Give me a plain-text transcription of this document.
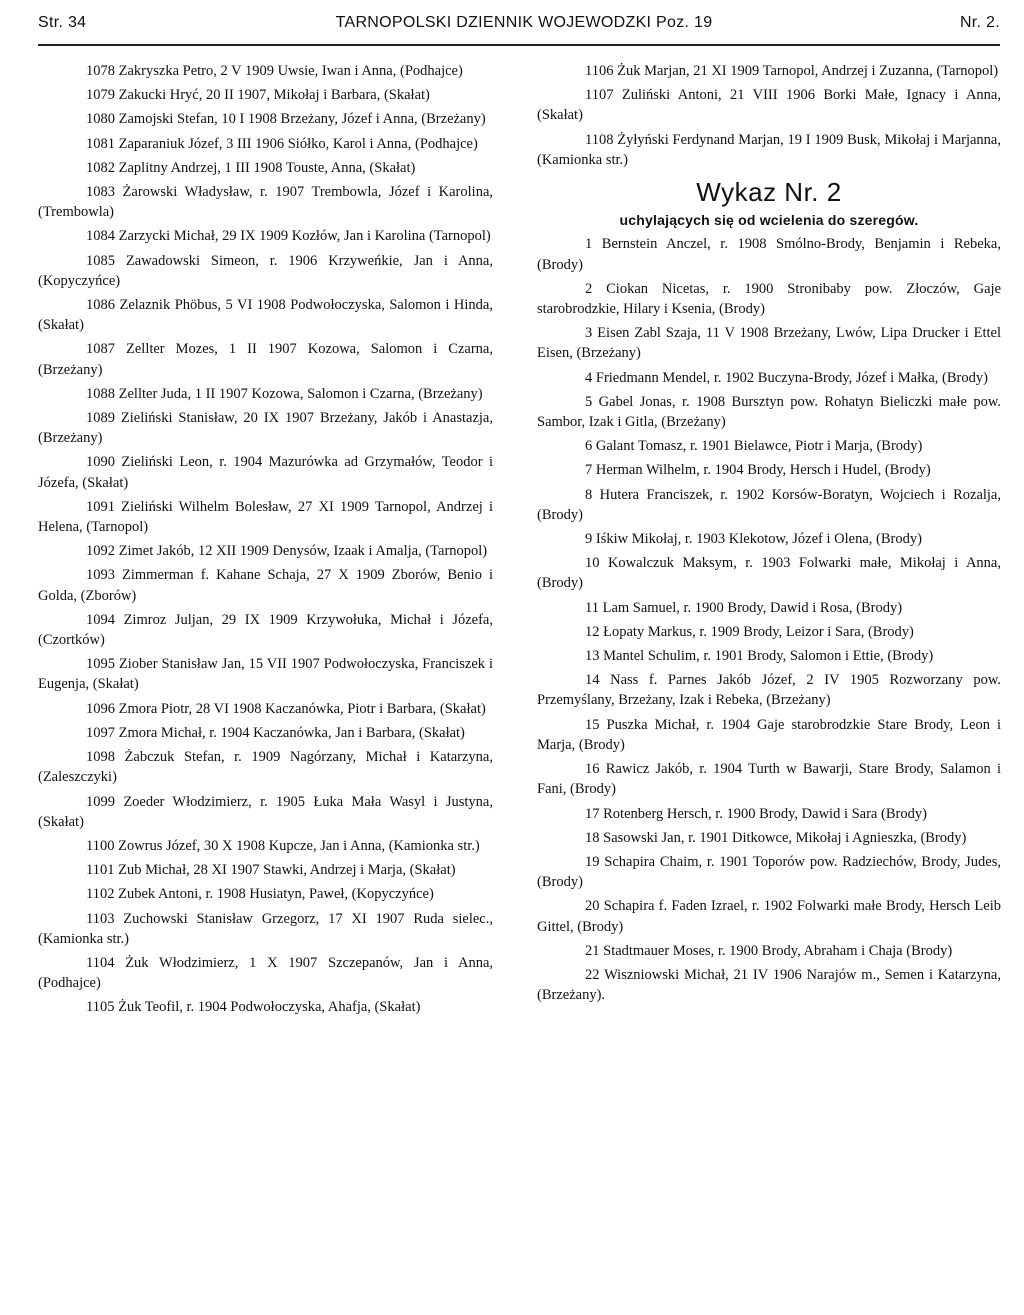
Str. 34	TARNOPOLSKI DZIENNIK WOJEWODZKI Poz. 19	Nr. 2.

1078 Zakryszka Petro, 2 V 1909 Uwsie, Iwan i Anna, (Podhajce)

1079 Zakucki Hryć, 20 II 1907, Mikołaj i Barbara, (Skałat)

1080 Zamojski Stefan, 10 I 1908 Brzeżany, Józef i Anna, (Brzeżany)

1081 Zaparaniuk Józef, 3 III 1906 Siółko, Karol i Anna, (Podhajce)

1082 Zaplitny Andrzej, 1 III 1908 Touste, Anna, (Skałat)

1083 Żarowski Władysław, r. 1907 Trembowla, Józef i Karolina, (Trembowla)

1084 Zarzycki Michał, 29 IX 1909 Kozłów, Jan i Karolina (Tarnopol)

1085 Zawadowski Simeon, r. 1906 Krzyweńkie, Jan i Anna, (Kopyczyńce)

1086 Zelaznik Phöbus, 5 VI 1908 Podwołoczyska, Salomon i Hinda, (Skałat)

1087 Zellter Mozes, 1 II 1907 Kozowa, Salomon i Czarna, (Brzeżany)

1088 Zellter Juda, 1 II 1907 Kozowa, Salomon i Czarna, (Brzeżany)

1089 Zieliński Stanisław, 20 IX 1907 Brzeżany, Jakób i Anastazja, (Brzeżany)

1090 Zieliński Leon, r. 1904 Mazurówka ad Grzymałów, Teodor i Józefa, (Skałat)

1091 Zieliński Wilhelm Bolesław, 27 XI 1909 Tarnopol, Andrzej i Helena, (Tarnopol)

1092 Zimet Jakób, 12 XII 1909 Denysów, Izaak i Amalja, (Tarnopol)

1093 Zimmerman f. Kahane Schaja, 27 X 1909 Zborów, Benio i Golda, (Zborów)

1094 Zimroz Juljan, 29 IX 1909 Krzywołuka, Michał i Józefa, (Czortków)

1095 Ziober Stanisław Jan, 15 VII 1907 Podwołoczyska, Franciszek i Eugenja, (Skałat)

1096 Zmora Piotr, 28 VI 1908 Kaczanówka, Piotr i Barbara, (Skałat)

1097 Zmora Michał, r. 1904 Kaczanówka, Jan i Barbara, (Skałat)

1098 Żabczuk Stefan, r. 1909 Nagórzany, Michał i Katarzyna, (Zaleszczyki)

1099 Zoeder Włodzimierz, r. 1905 Łuka Mała Wasyl i Justyna, (Skałat)

1100 Zowrus Józef, 30 X 1908 Kupcze, Jan i Anna, (Kamionka str.)

1101 Zub Michał, 28 XI 1907 Stawki, Andrzej i Marja, (Skałat)

1102 Zubek Antoni, r. 1908 Husiatyn, Paweł, (Kopyczyńce)

1103 Zuchowski Stanisław Grzegorz, 17 XI 1907 Ruda sielec., (Kamionka str.)

1104 Żuk Włodzimierz, 1 X 1907 Szczepanów, Jan i Anna, (Podhajce)

1105 Żuk Teofil, r. 1904 Podwołoczyska, Ahafja, (Skałat)

1106 Żuk Marjan, 21 XI 1909 Tarnopol, Andrzej i Zuzanna, (Tarnopol)

1107 Zuliński Antoni, 21 VIII 1906 Borki Małe, Ignacy i Anna, (Skałat)

1108 Żyłyński Ferdynand Marjan, 19 I 1909 Busk, Mikołaj i Marjanna, (Kamionka str.)

Wykaz Nr. 2
uchylających się od wcielenia do szeregów.

1 Bernstein Anczel, r. 1908 Smólno-Brody, Benjamin i Rebeka, (Brody)

2 Ciokan Nicetas, r. 1900 Stronibaby pow. Złoczów, Gaje starobrodzkie, Hilary i Ksenia, (Brody)

3 Eisen Zabl Szaja, 11 V 1908 Brzeżany, Lwów, Lipa Drucker i Ettel Eisen, (Brzeżany)

4 Friedmann Mendel, r. 1902 Buczyna-Brody, Józef i Małka, (Brody)

5 Gabel Jonas, r. 1908 Bursztyn pow. Rohatyn Bieliczki małe pow. Sambor, Izak i Gitla, (Brzeżany)

6 Galant Tomasz, r. 1901 Bielawce, Piotr i Marja, (Brody)

7 Herman Wilhelm, r. 1904 Brody, Hersch i Hudel, (Brody)

8 Hutera Franciszek, r. 1902 Korsów-Boratyn, Wojciech i Rozalja, (Brody)

9 Iśkiw Mikołaj, r. 1903 Klekotow, Józef i Olena, (Brody)

10 Kowalczuk Maksym, r. 1903 Folwarki małe, Mikołaj i Anna, (Brody)

11 Lam Samuel, r. 1900 Brody, Dawid i Rosa, (Brody)

12 Łopaty Markus, r. 1909 Brody, Leizor i Sara, (Brody)

13 Mantel Schulim, r. 1901 Brody, Salomon i Ettie, (Brody)

14 Nass f. Parnes Jakób Józef, 2 IV 1905 Rozworzany pow. Przemyślany, Brzeżany, Izak i Rebeka, (Brzeżany)

15 Puszka Michał, r. 1904 Gaje starobrodzkie Stare Brody, Leon i Marja, (Brody)

16 Rawicz Jakób, r. 1904 Turth w Bawarji, Stare Brody, Salamon i Fani, (Brody)

17 Rotenberg Hersch, r. 1900 Brody, Dawid i Sara (Brody)

18 Sasowski Jan, r. 1901 Ditkowce, Mikołaj i Agnieszka, (Brody)

19 Schapira Chaim, r. 1901 Toporów pow. Radziechów, Brody, Judes, (Brody)

20 Schapira f. Faden Izrael, r. 1902 Folwarki małe Brody, Hersch Leib Gittel, (Brody)

21 Stadtmauer Moses, r. 1900 Brody, Abraham i Chaja (Brody)

22 Wiszniowski Michał, 21 IV 1906 Narajów m., Semen i Katarzyna, (Brzeżany).
